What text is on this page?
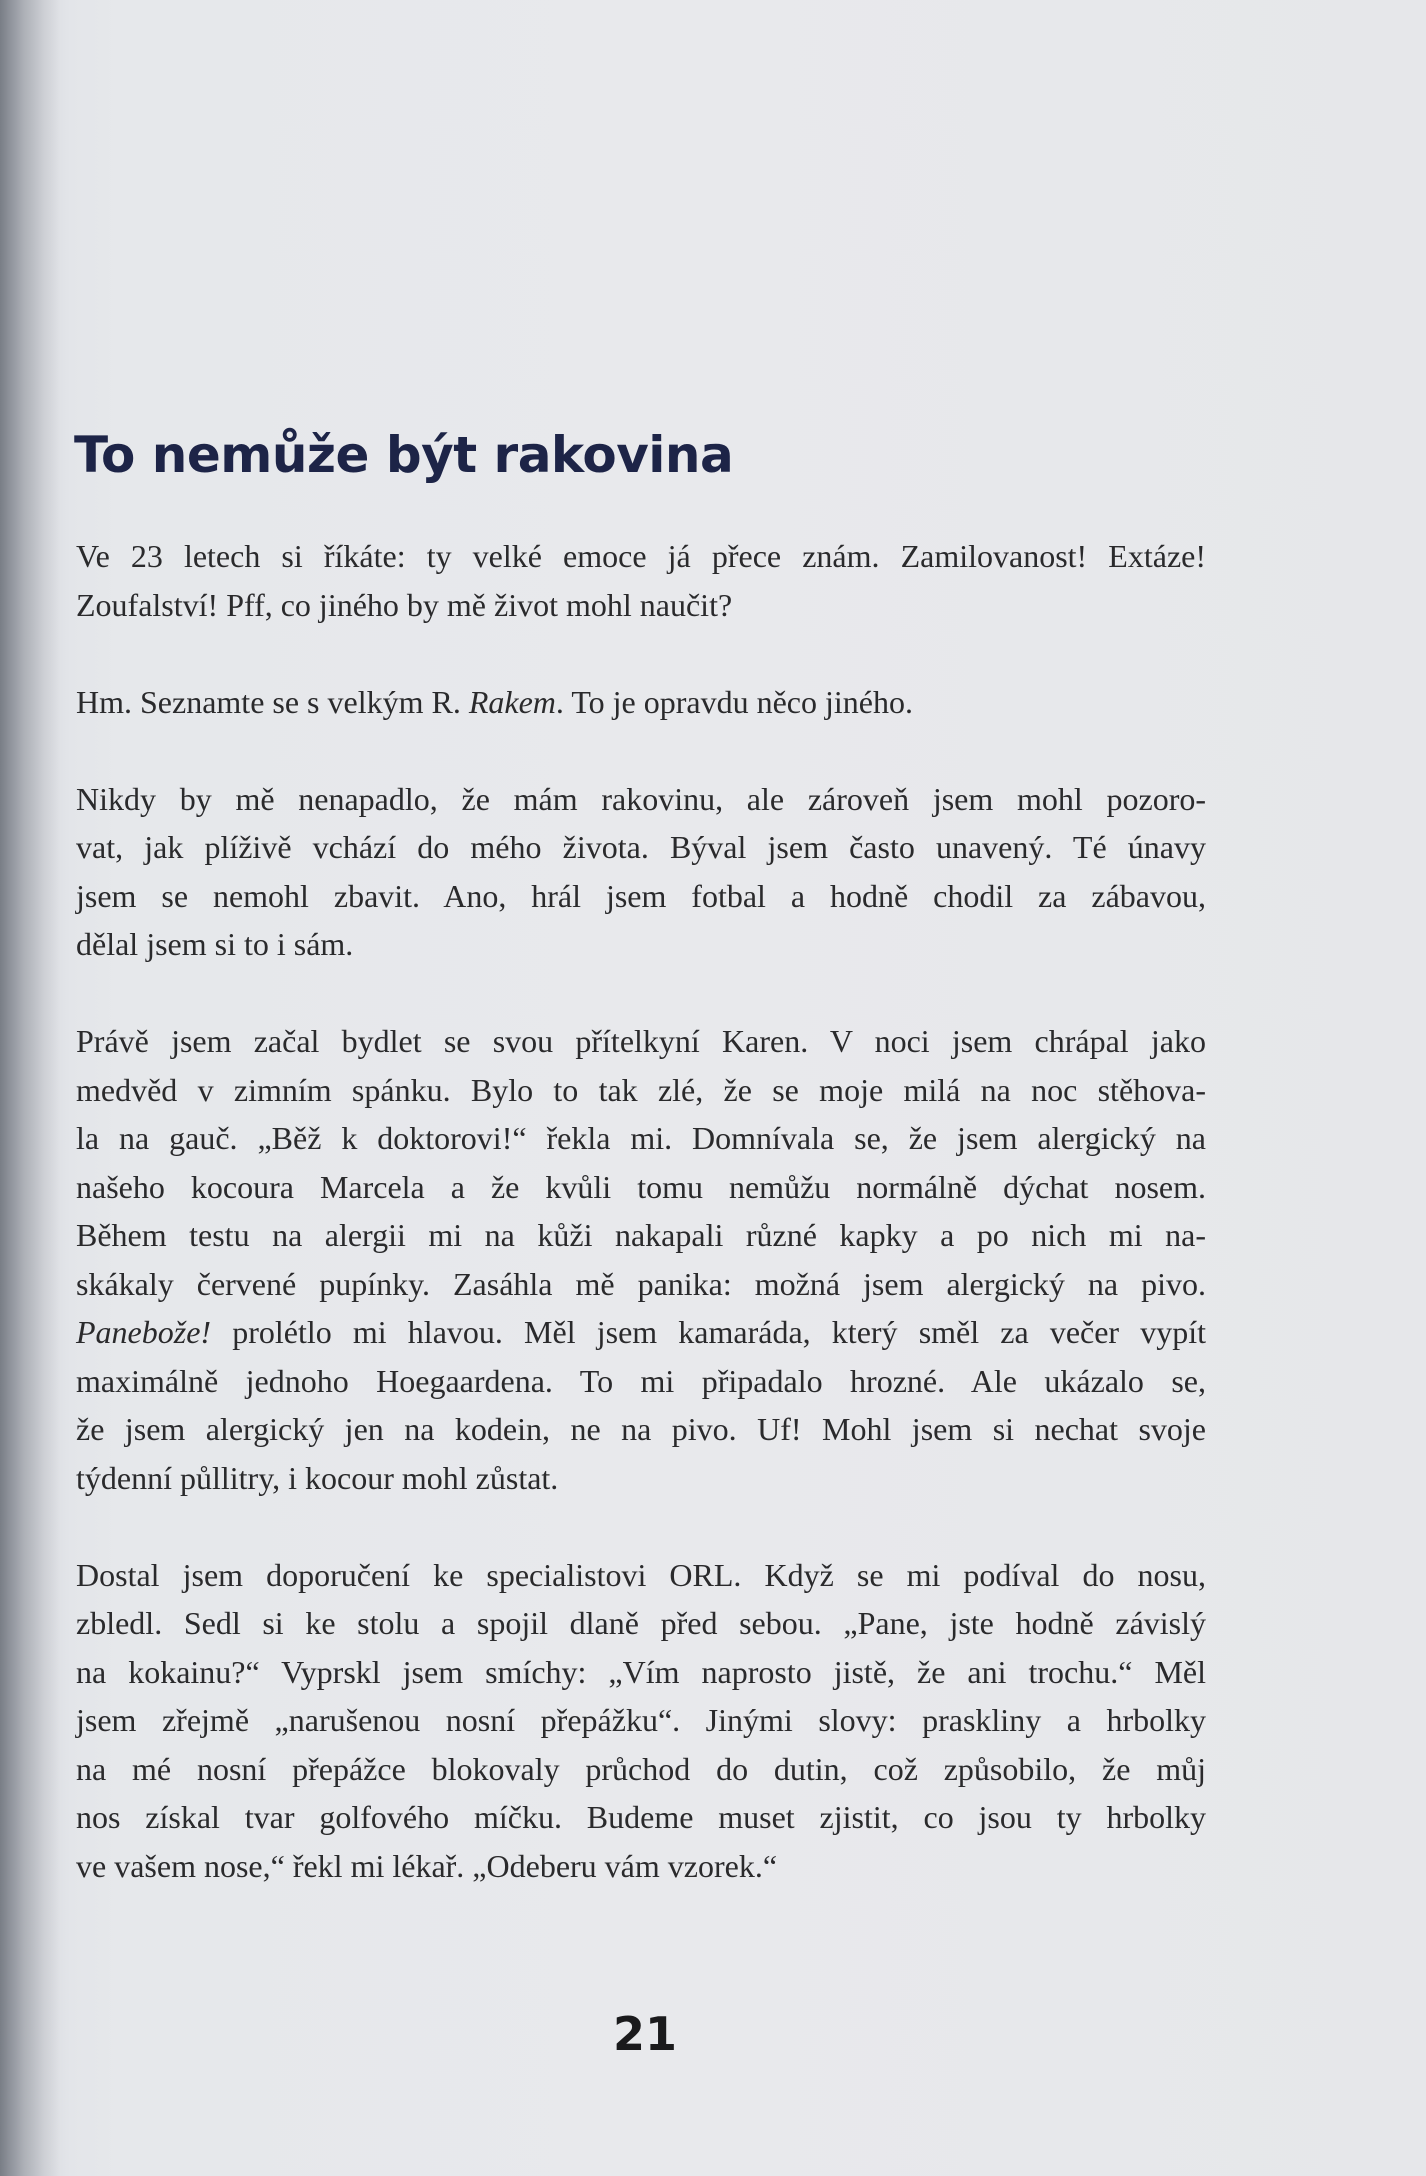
To nemůže být rakovina

Ve 23 letech si říkáte: ty velké emoce já přece znám. Zamilovanost! Extáze!
Zoufalství! Pff, co jiného by mě život mohl naučit?

Hm. Seznamte se s velkým R. Rakem. To je opravdu něco jiného.

Nikdy by mě nenapadlo, že mám rakovinu, ale zároveň jsem mohl pozoro-
vat, jak plíživě vchází do mého života. Býval jsem často unavený. Té únavy
jsem se nemohl zbavit. Ano, hrál jsem fotbal a hodně chodil za zábavou,
dělal jsem si to i sám.

Právě jsem začal bydlet se svou přítelkyní Karen. V noci jsem chrápal jako
medvěd v zimním spánku. Bylo to tak zlé, že se moje milá na noc stěhova-
la na gauč. „Běž k doktorovi!“ řekla mi. Domnívala se, že jsem alergický na
našeho kocoura Marcela a že kvůli tomu nemůžu normálně dýchat nosem.
Během testu na alergii mi na kůži nakapali různé kapky a po nich mi na-
skákaly červené pupínky. Zasáhla mě panika: možná jsem alergický na pivo.
Panebože! prolétlo mi hlavou. Měl jsem kamaráda, který směl za večer vypít
maximálně jednoho Hoegaardena. To mi připadalo hrozné. Ale ukázalo se,
že jsem alergický jen na kodein, ne na pivo. Uf! Mohl jsem si nechat svoje
týdenní půllitry, i kocour mohl zůstat.

Dostal jsem doporučení ke specialistovi ORL. Když se mi podíval do nosu,
zbledl. Sedl si ke stolu a spojil dlaně před sebou. „Pane, jste hodně závislý
na kokainu?“ Vyprskl jsem smíchy: „Vím naprosto jistě, že ani trochu.“ Měl
jsem zřejmě „narušenou nosní přepážku“. Jinými slovy: praskliny a hrbolky
na mé nosní přepážce blokovaly průchod do dutin, což způsobilo, že můj
nos získal tvar golfového míčku. Budeme muset zjistit, co jsou ty hrbolky
ve vašem nose,“ řekl mi lékař. „Odeberu vám vzorek.“

21
